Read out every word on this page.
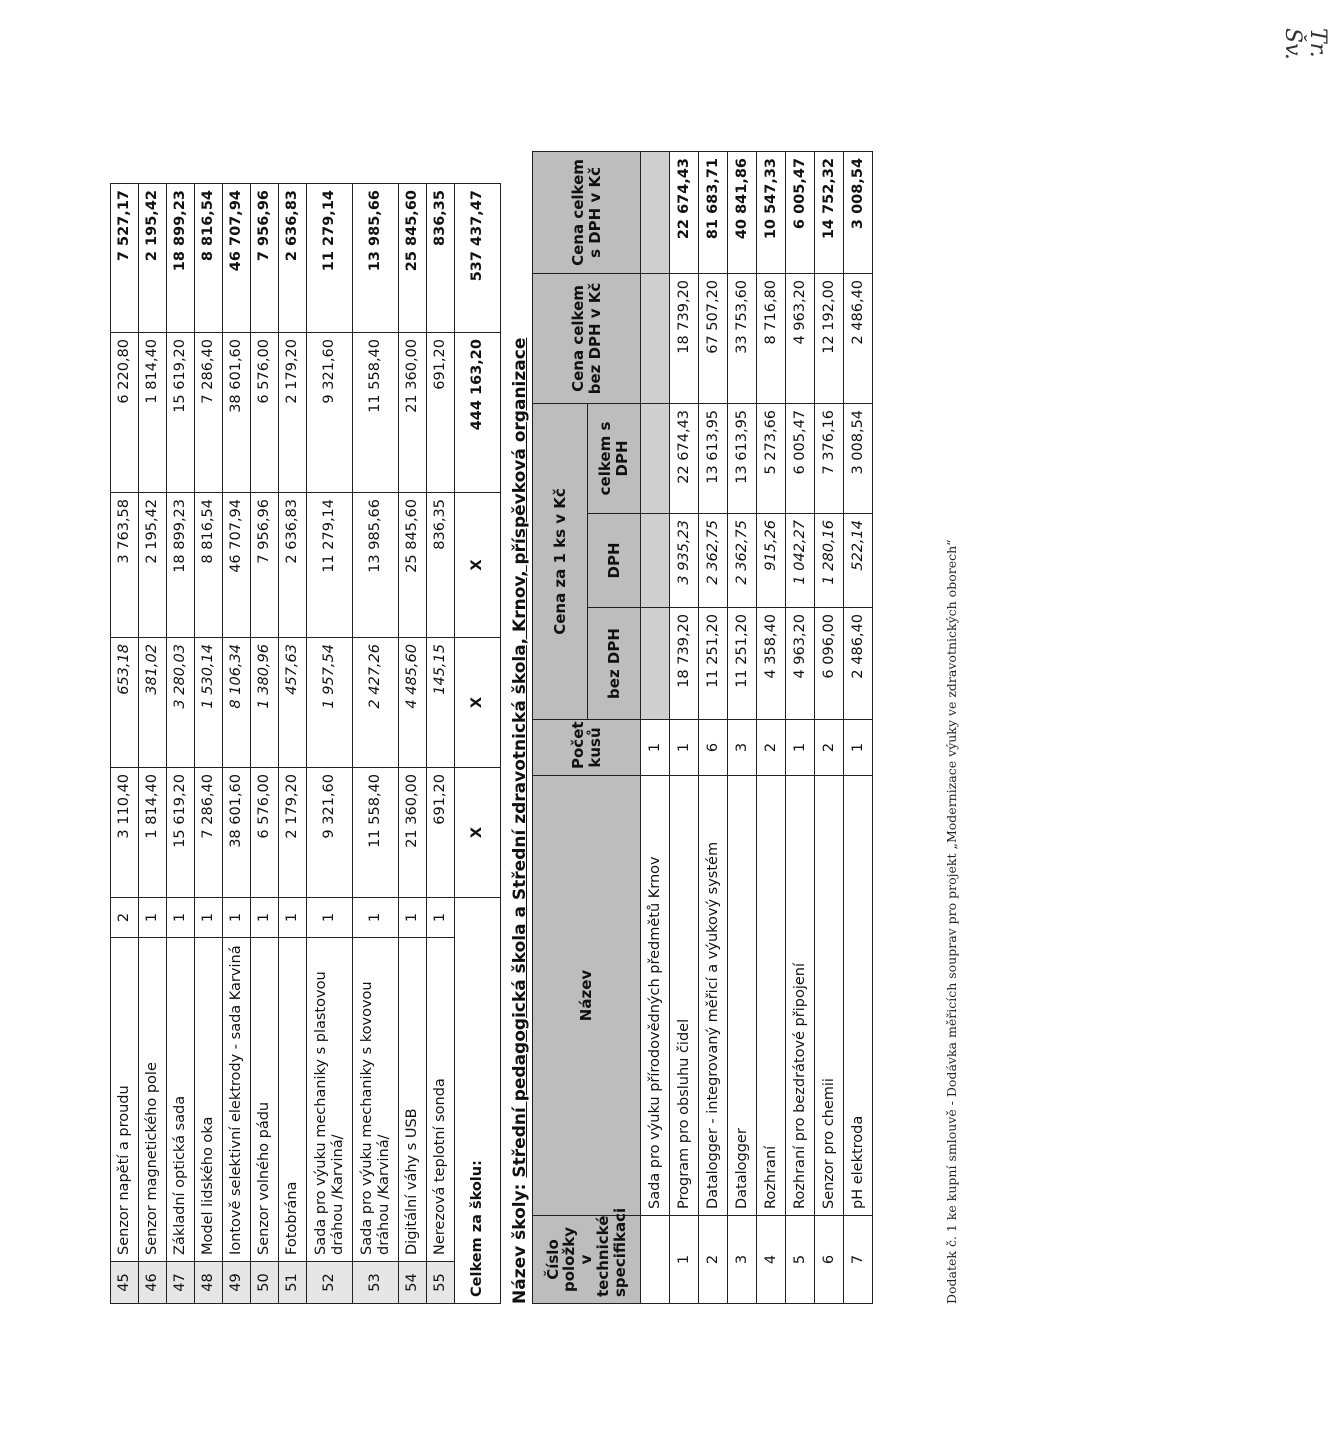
45	Senzor napětí a proudu	2	3 110,40	653,18	3 763,58	6 220,80	7 527,17
46	Senzor magnetického pole	1	1 814,40	381,02	2 195,42	1 814,40	2 195,42
47	Základní optická sada	1	15 619,20	3 280,03	18 899,23	15 619,20	18 899,23
48	Model lidského oka	1	7 286,40	1 530,14	8 816,54	7 286,40	8 816,54
49	Iontově selektivní elektrody - sada Karviná	1	38 601,60	8 106,34	46 707,94	38 601,60	46 707,94
50	Senzor volného pádu	1	6 576,00	1 380,96	7 956,96	6 576,00	7 956,96
51	Fotobrána	1	2 179,20	457,63	2 636,83	2 179,20	2 636,83
52	Sada pro výuku mechaniky s plastovou dráhou /Karviná/	1	9 321,60	1 957,54	11 279,14	9 321,60	11 279,14
53	Sada pro výuku mechaniky s kovovou dráhou /Karviná/	1	11 558,40	2 427,26	13 985,66	11 558,40	13 985,66
54	Digitální váhy s USB	1	21 360,00	4 485,60	25 845,60	21 360,00	25 845,60
55	Nerezová teplotní sonda	1	691,20	145,15	836,35	691,20	836,35
Celkem za školu:			X	X	X	444 163,20	537 437,47
Název školy: Střední pedagogická škola a Střední zdravotnická škola, Krnov, příspěvková organizace
Číslo položky v technické specifikaci	Název	Počet kusů	Cena za 1 ks v Kč			Cena celkem bez DPH v Kč	Cena celkem s DPH v Kč
			bez DPH	DPH	celkem s DPH		
	Sada pro výuku přírodovědných předmětů Krnov	1					
1	Program pro obsluhu čidel	1	18 739,20	3 935,23	22 674,43	18 739,20	22 674,43
2	Datalogger - integrovaný měřicí a výukový systém	6	11 251,20	2 362,75	13 613,95	67 507,20	81 683,71
3	Datalogger	3	11 251,20	2 362,75	13 613,95	33 753,60	40 841,86
4	Rozhraní	2	4 358,40	915,26	5 273,66	8 716,80	10 547,33
5	Rozhraní pro bezdrátové připojení	1	4 963,20	1 042,27	6 005,47	4 963,20	6 005,47
6	Senzor pro chemii	2	6 096,00	1 280,16	7 376,16	12 192,00	14 752,32
7	pH elektroda	1	2 486,40	522,14	3 008,54	2 486,40	3 008,54
Dodatek č. 1 ke kupní smlouvě - Dodávka měřicích souprav pro projekt „Modernizace výuky ve zdravotnických oborech“
Tr. Šv.
